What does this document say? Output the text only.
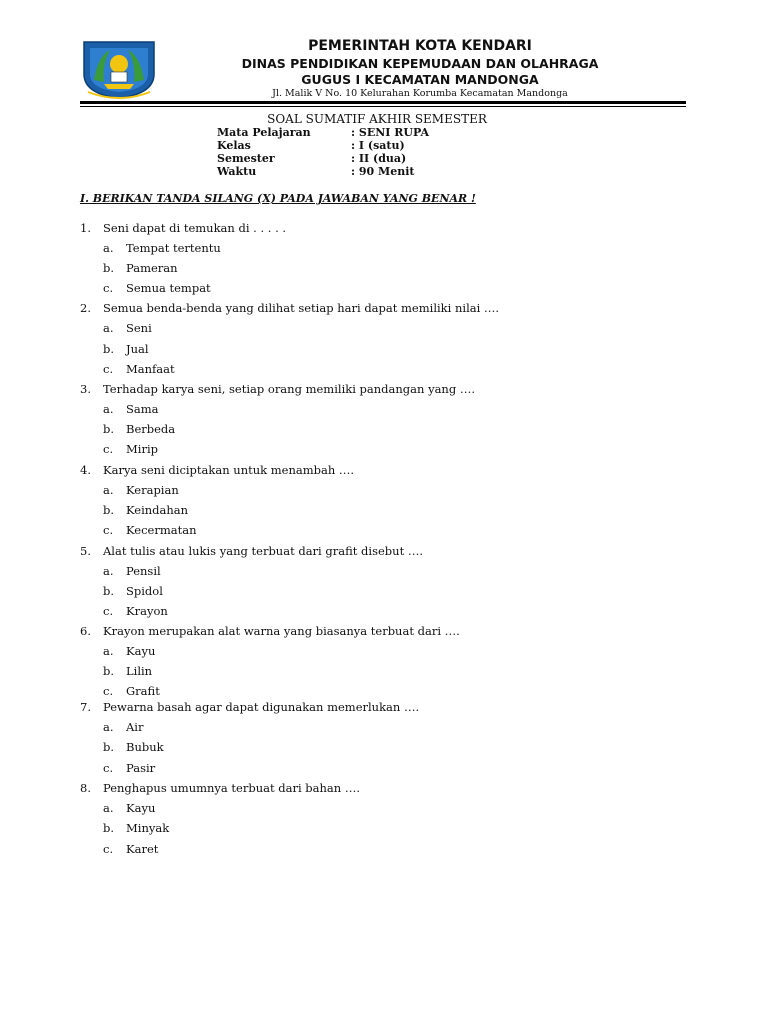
PEMERINTAH KOTA KENDARI
DINAS PENDIDIKAN KEPEMUDAAN DAN OLAHRAGA
GUGUS I KECAMATAN MANDONGA
Jl. Malik V No. 10 Kelurahan Korumba Kecamatan Mandonga
SOAL SUMATIF AKHIR SEMESTER
Mata Pelajaran	: SENI RUPA
Kelas	: I (satu)
Semester	: II (dua)
Waktu	: 90 Menit
I. BERIKAN TANDA SILANG (X) PADA JAWABAN YANG BENAR !
1. Seni dapat di temukan di . . . . .
a. Tempat tertentu
b. Pameran
c. Semua tempat
2. Semua benda-benda yang dilihat setiap hari dapat memiliki nilai ….
a. Seni
b. Jual
c. Manfaat
3. Terhadap karya seni, setiap orang memiliki pandangan yang ….
a. Sama
b. Berbeda
c. Mirip
4. Karya seni diciptakan untuk menambah ….
a. Kerapian
b. Keindahan
c. Kecermatan
5. Alat tulis atau lukis yang terbuat dari grafit disebut ….
a. Pensil
b. Spidol
c. Krayon
6. Krayon merupakan alat warna yang biasanya terbuat dari ….
a. Kayu
b. Lilin
c. Grafit
7. Pewarna basah agar dapat digunakan memerlukan ….
a. Air
b. Bubuk
c. Pasir
8. Penghapus umumnya terbuat dari bahan ….
a. Kayu
b. Minyak
c. Karet
